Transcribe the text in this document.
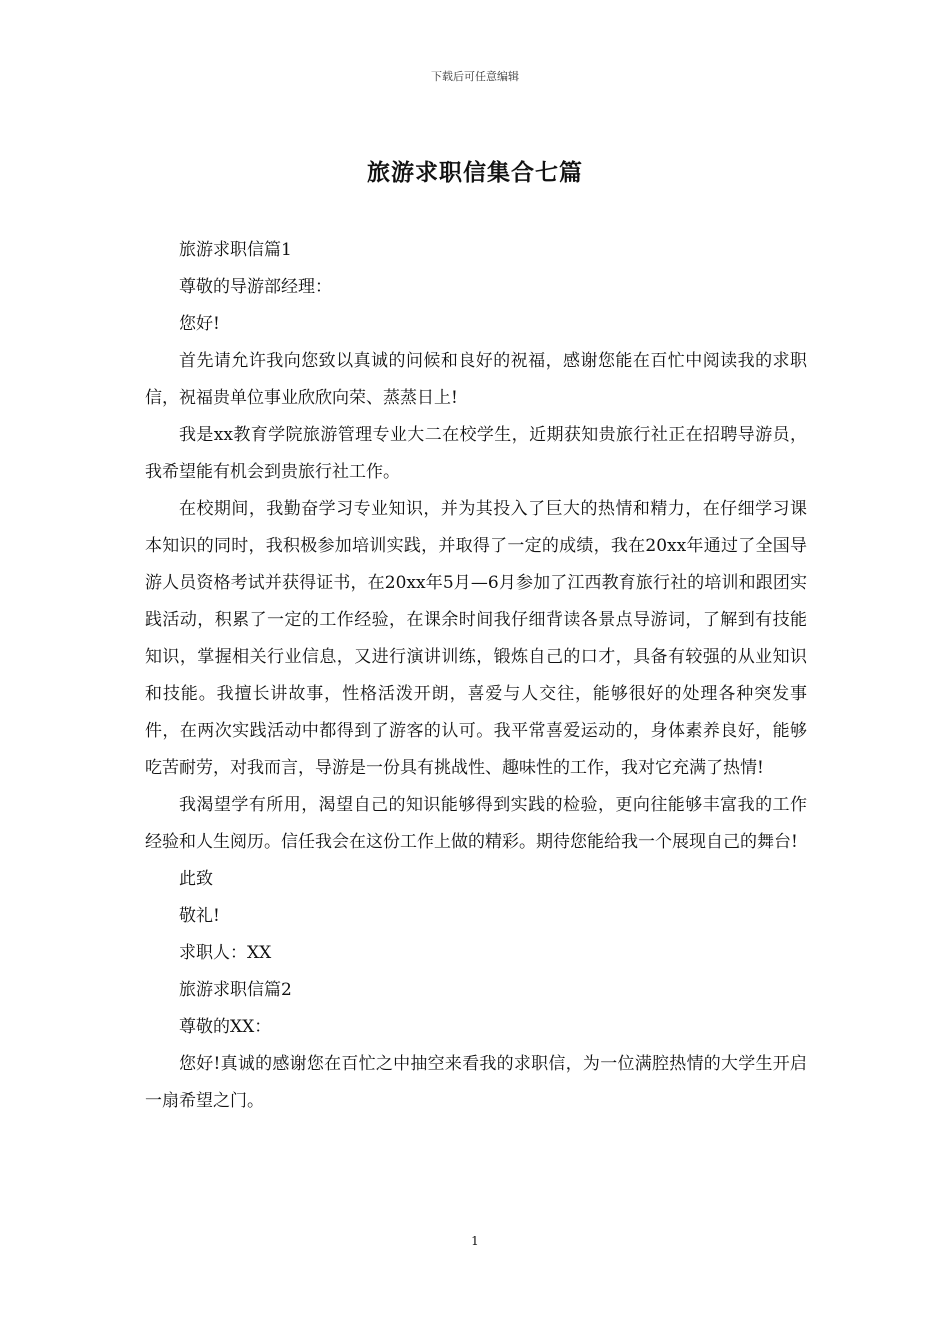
下载后可任意编辑
旅游求职信集合七篇

旅游求职信篇1

尊敬的导游部经理：

您好!

首先请允许我向您致以真诚的问候和良好的祝福，感谢您能在百忙中阅读我的求职信，祝福贵单位事业欣欣向荣、蒸蒸日上!

我是xx教育学院旅游管理专业大二在校学生，近期获知贵旅行社正在招聘导游员，我希望能有机会到贵旅行社工作。

在校期间，我勤奋学习专业知识，并为其投入了巨大的热情和精力，在仔细学习课本知识的同时，我积极参加培训实践，并取得了一定的成绩，我在20xx年通过了全国导游人员资格考试并获得证书，在20xx年5月—6月参加了江西教育旅行社的培训和跟团实践活动，积累了一定的工作经验，在课余时间我仔细背读各景点导游词，了解到有技能知识，掌握相关行业信息，又进行演讲训练，锻炼自己的口才，具备有较强的从业知识和技能。我擅长讲故事，性格活泼开朗，喜爱与人交往，能够很好的处理各种突发事件，在两次实践活动中都得到了游客的认可。我平常喜爱运动的，身体素养良好，能够吃苦耐劳，对我而言，导游是一份具有挑战性、趣味性的工作，我对它充满了热情!

我渴望学有所用，渴望自己的知识能够得到实践的检验，更向往能够丰富我的工作经验和人生阅历。信任我会在这份工作上做的精彩。期待您能给我一个展现自己的舞台!

此致

敬礼!

求职人：XX

旅游求职信篇2

尊敬的XX：

您好!真诚的感谢您在百忙之中抽空来看我的求职信，为一位满腔热情的大学生开启一扇希望之门。

1
